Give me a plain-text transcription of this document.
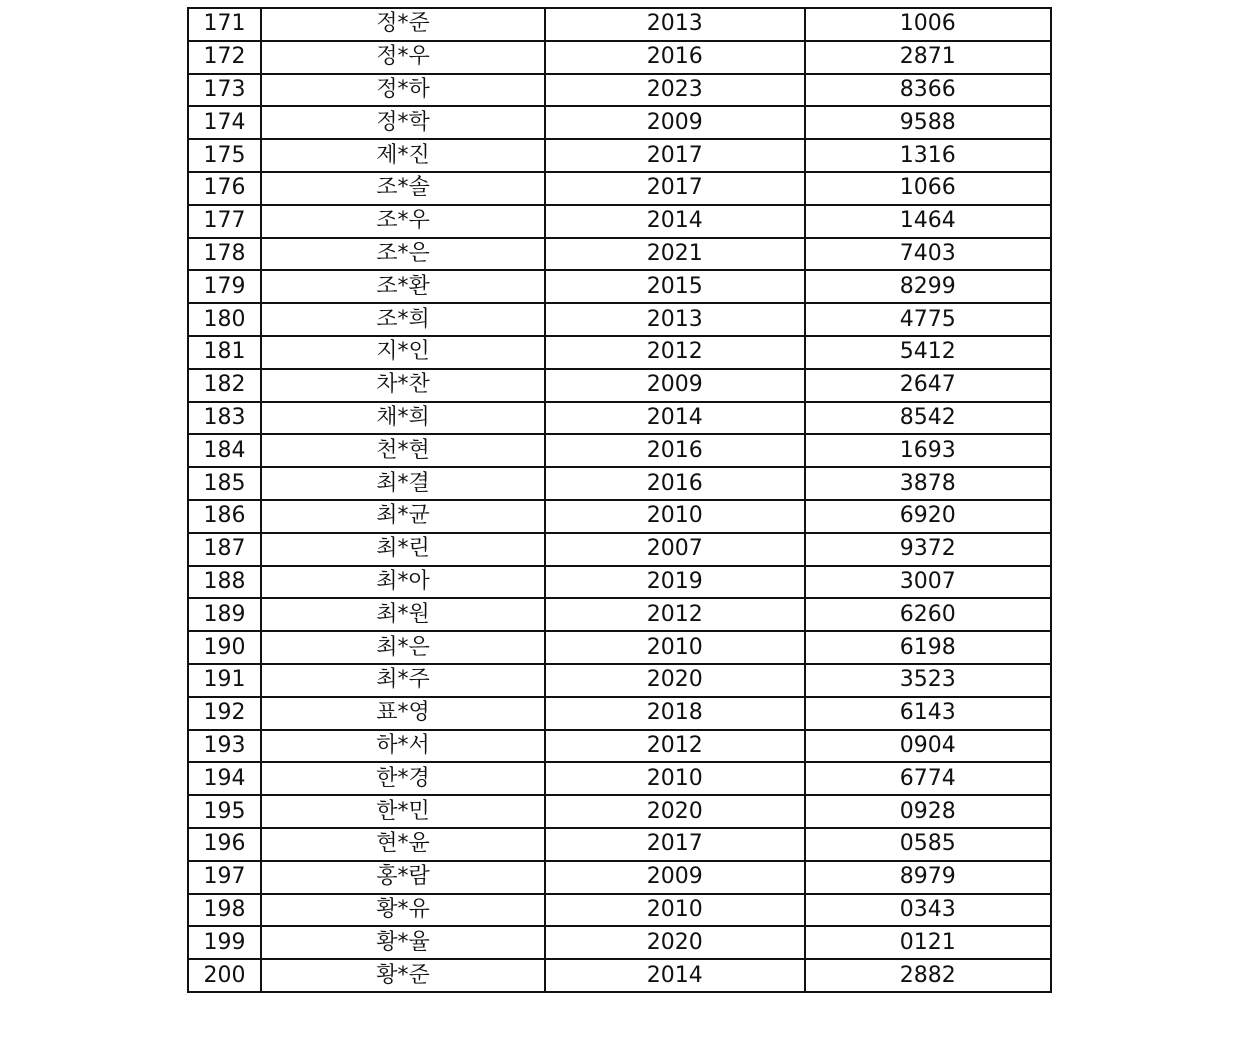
171	정*준	2013	1006
172	정*우	2016	2871
173	정*하	2023	8366
174	정*학	2009	9588
175	제*진	2017	1316
176	조*솔	2017	1066
177	조*우	2014	1464
178	조*은	2021	7403
179	조*환	2015	8299
180	조*희	2013	4775
181	지*인	2012	5412
182	차*찬	2009	2647
183	채*희	2014	8542
184	천*현	2016	1693
185	최*결	2016	3878
186	최*균	2010	6920
187	최*린	2007	9372
188	최*아	2019	3007
189	최*원	2012	6260
190	최*은	2010	6198
191	최*주	2020	3523
192	표*영	2018	6143
193	하*서	2012	0904
194	한*경	2010	6774
195	한*민	2020	0928
196	현*윤	2017	0585
197	홍*람	2009	8979
198	황*유	2010	0343
199	황*율	2020	0121
200	황*준	2014	2882
